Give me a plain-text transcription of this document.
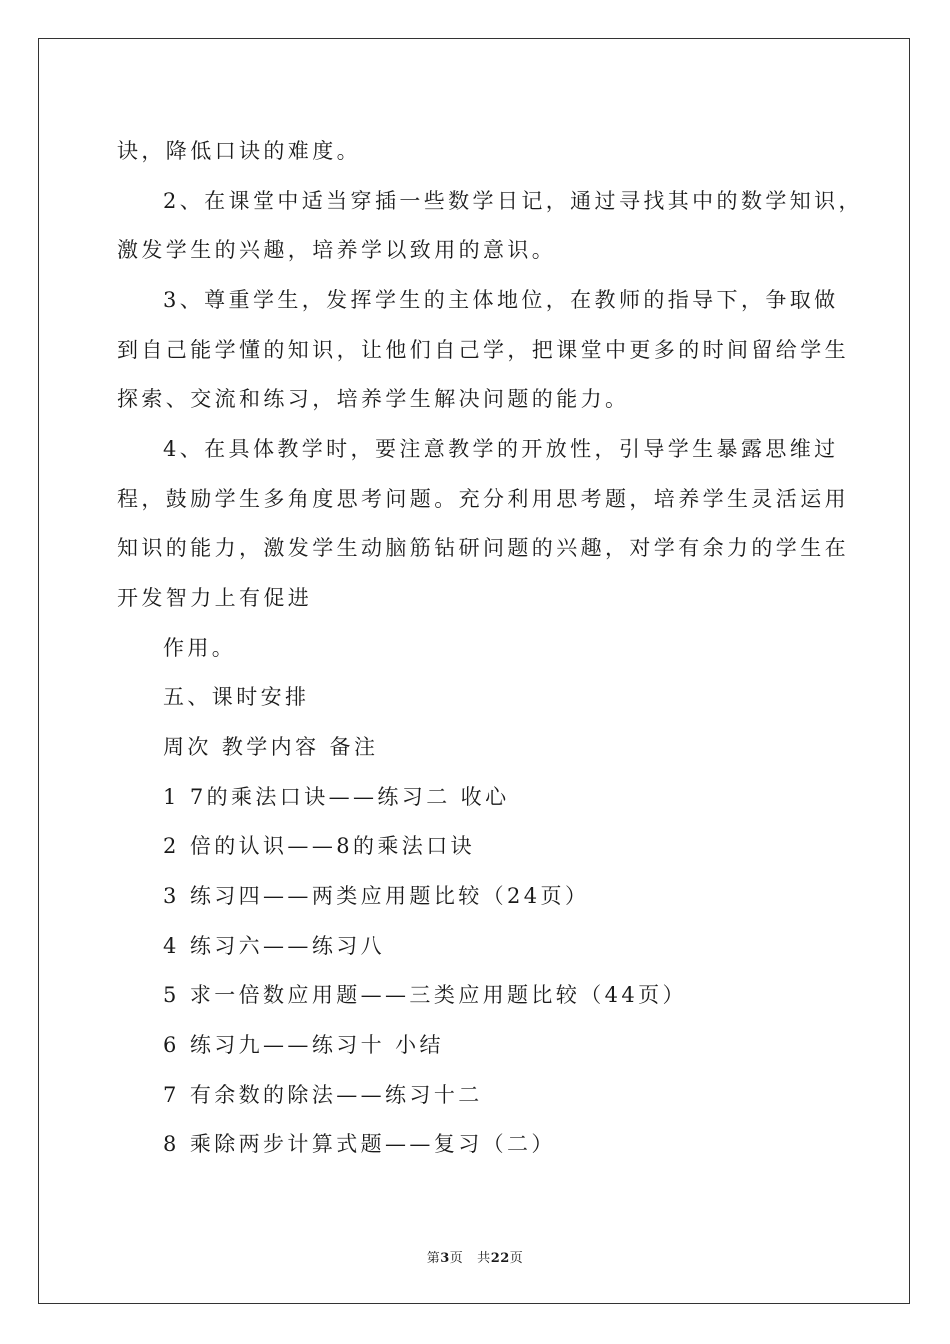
诀，降低口诀的难度。
2、在课堂中适当穿插一些数学日记，通过寻找其中的数学知识，
激发学生的兴趣，培养学以致用的意识。
3、尊重学生，发挥学生的主体地位，在教师的指导下，争取做
到自己能学懂的知识，让他们自己学，把课堂中更多的时间留给学生
探索、交流和练习，培养学生解决问题的能力。
4、在具体教学时，要注意教学的开放性，引导学生暴露思维过
程，鼓励学生多角度思考问题。充分利用思考题，培养学生灵活运用
知识的能力，激发学生动脑筋钻研问题的兴趣，对学有余力的学生在
开发智力上有促进
作用。
五、课时安排
周次 教学内容 备注
1 7的乘法口诀——练习二 收心
2 倍的认识——8的乘法口诀
3 练习四——两类应用题比较（24页）
4 练习六——练习八
5 求一倍数应用题——三类应用题比较（44页）
6 练习九——练习十 小结
7 有余数的除法——练习十二
8 乘除两步计算式题——复习（二）
第3页 共22页
